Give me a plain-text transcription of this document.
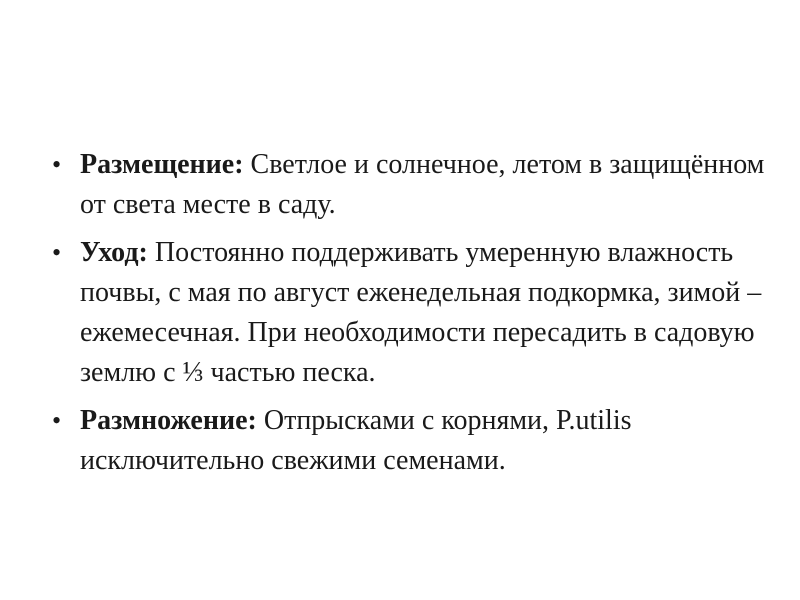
• Размещение: Светлое и солнечное, летом в защищённом от света месте в саду.
• Уход: Постоянно поддерживать умеренную влажность почвы, с мая по август еженедельная подкормка, зимой – ежемесечная. При необходимости пересадить в садовую землю с ⅓ частью песка.
• Размножение: Отпрысками с корнями, P.utilis исключительно свежими семенами.
